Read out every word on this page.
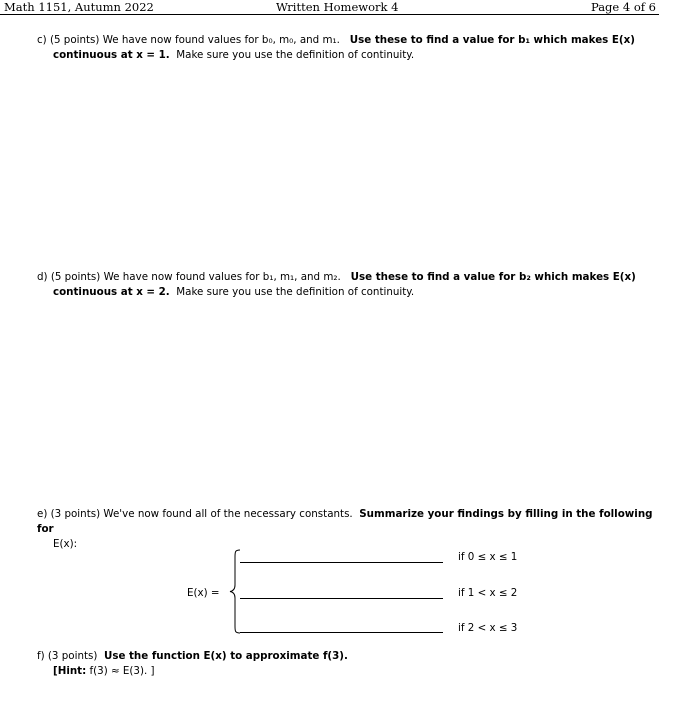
Math 1151, Autumn 2022	Written Homework 4	Page 4 of 6
c) (5 points) We have now found values for b₀, m₀, and m₁. Use these to find a value for b₁ which makes E(x)
continuous at x = 1. Make sure you use the definition of continuity.
d) (5 points) We have now found values for b₁, m₁, and m₂. Use these to find a value for b₂ which makes E(x)
continuous at x = 2. Make sure you use the definition of continuity.
e) (3 points) We've now found all of the necessary constants. Summarize your findings by filling in the following for
E(x):
E(x) =
if 0 ≤ x ≤ 1
if 1 < x ≤ 2
if 2 < x ≤ 3
f) (3 points) Use the function E(x) to approximate f(3).
[Hint: f(3) ≈ E(3). ]
